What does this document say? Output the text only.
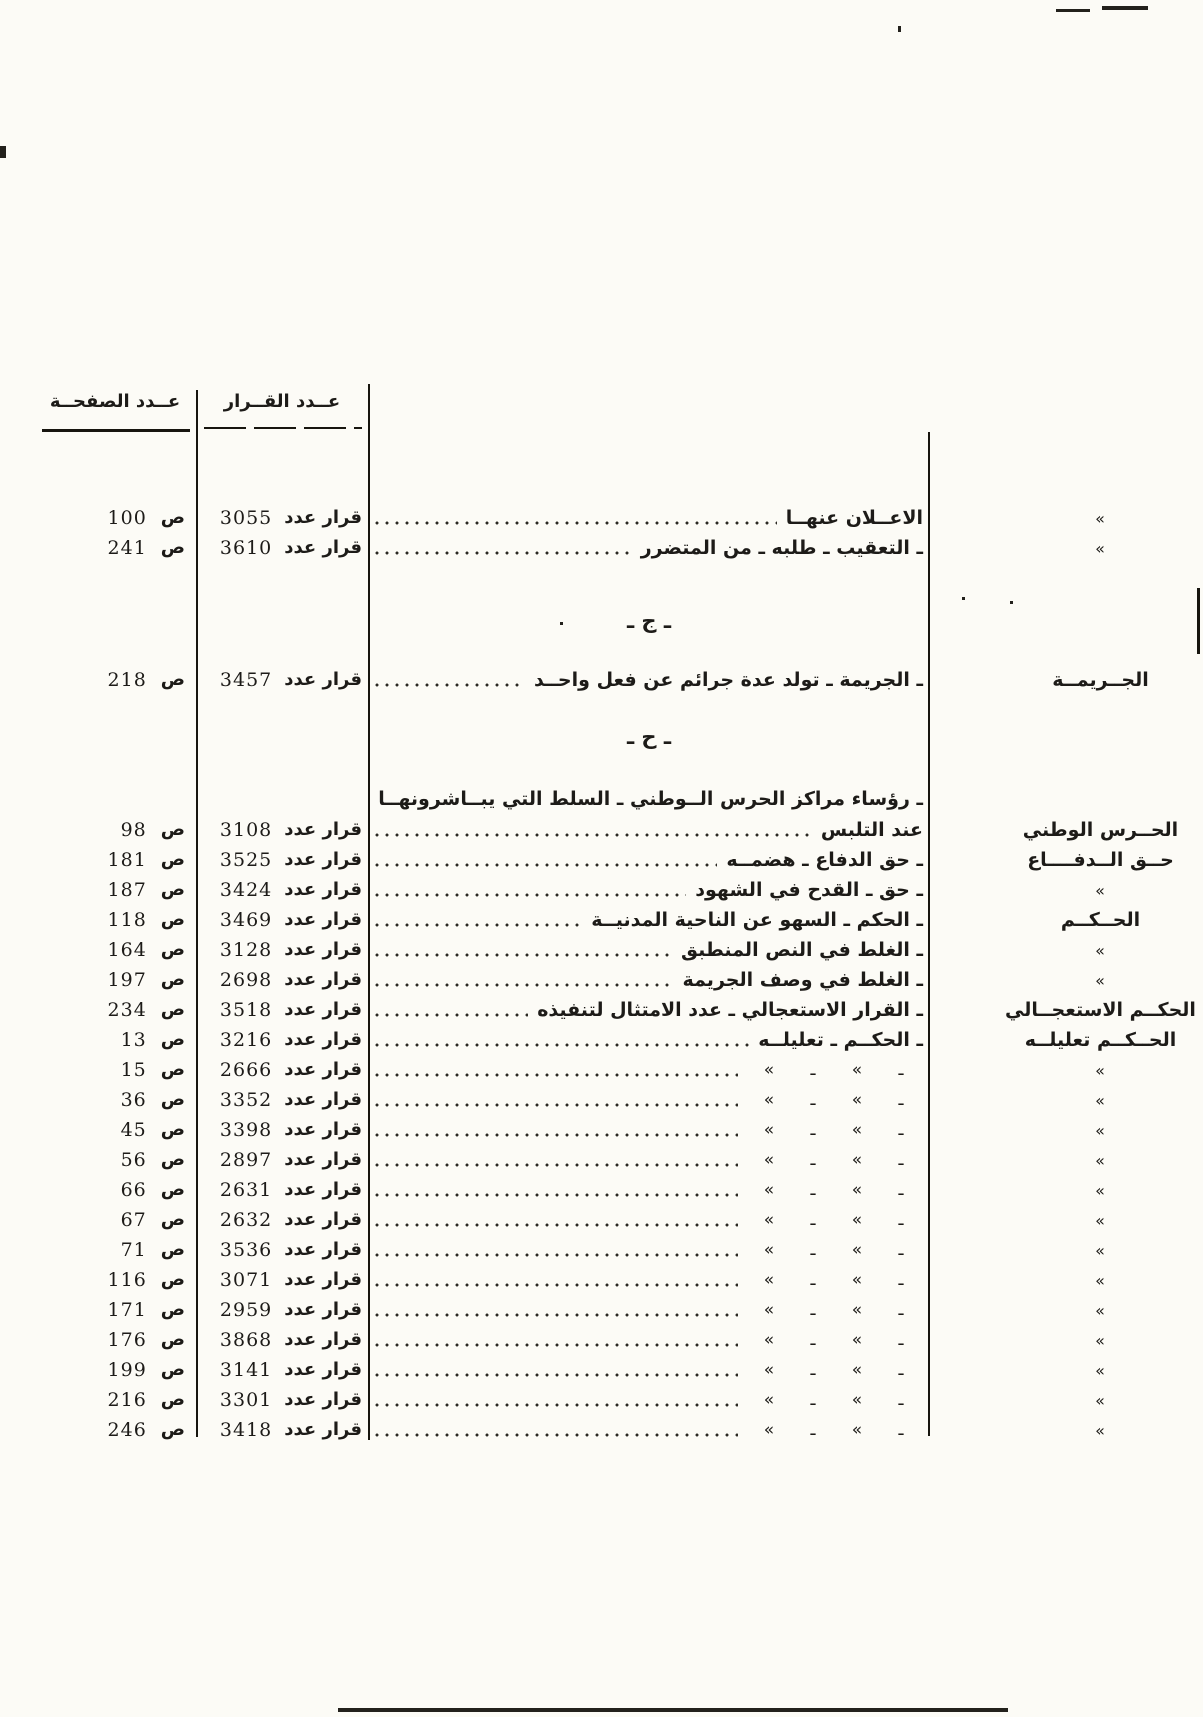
عــدد الصفحــة	عــدد القــرار
»
الاعــلان عنهــا
قرار عدد
3055
ص
100
»
ـ التعقيب ـ طلبه ـ من المتضرر
قرار عدد
3610
ص
241
ـ ج ـ
الجــريمــة
ـ الجريمة ـ تولد عدة جرائم عن فعل واحــد
قرار عدد
3457
ص
218
ـ ح ـ
ـ رؤساء مراكز الحرس الــوطني ـ السلط التي يبــاشرونهــا
الحــرس الوطني
عند التلبس
قرار عدد
3108
ص
98
حــق الــدفــــاع
ـ حق الدفاع ـ هضمــه
قرار عدد
3525
ص
181
»
ـ حق ـ القدح في الشهود
قرار عدد
3424
ص
187
الحــكــم
ـ الحكم ـ السهو عن الناحية المدنيــة
قرار عدد
3469
ص
118
»
ـ الغلط في النص المنطبق
قرار عدد
3128
ص
164
»
ـ الغلط في وصف الجريمة
قرار عدد
2698
ص
197
الحكــم الاستعجــالي
ـ القرار الاستعجالي ـ عدد الامتثال لتنفيذه
قرار عدد
3518
ص
234
الحــكــم تعليلــه
ـ الحكــم ـ تعليلــه
قرار عدد
3216
ص
13
»
ـ
»
ـ
»
قرار عدد
2666
ص
15
»
ـ
»
ـ
»
قرار عدد
3352
ص
36
»
ـ
»
ـ
»
قرار عدد
3398
ص
45
»
ـ
»
ـ
»
قرار عدد
2897
ص
56
»
ـ
»
ـ
»
قرار عدد
2631
ص
66
»
ـ
»
ـ
»
قرار عدد
2632
ص
67
»
ـ
»
ـ
»
قرار عدد
3536
ص
71
»
ـ
»
ـ
»
قرار عدد
3071
ص
116
»
ـ
»
ـ
»
قرار عدد
2959
ص
171
»
ـ
»
ـ
»
قرار عدد
3868
ص
176
»
ـ
»
ـ
»
قرار عدد
3141
ص
199
»
ـ
»
ـ
»
قرار عدد
3301
ص
216
»
ـ
»
ـ
»
قرار عدد
3418
ص
246
